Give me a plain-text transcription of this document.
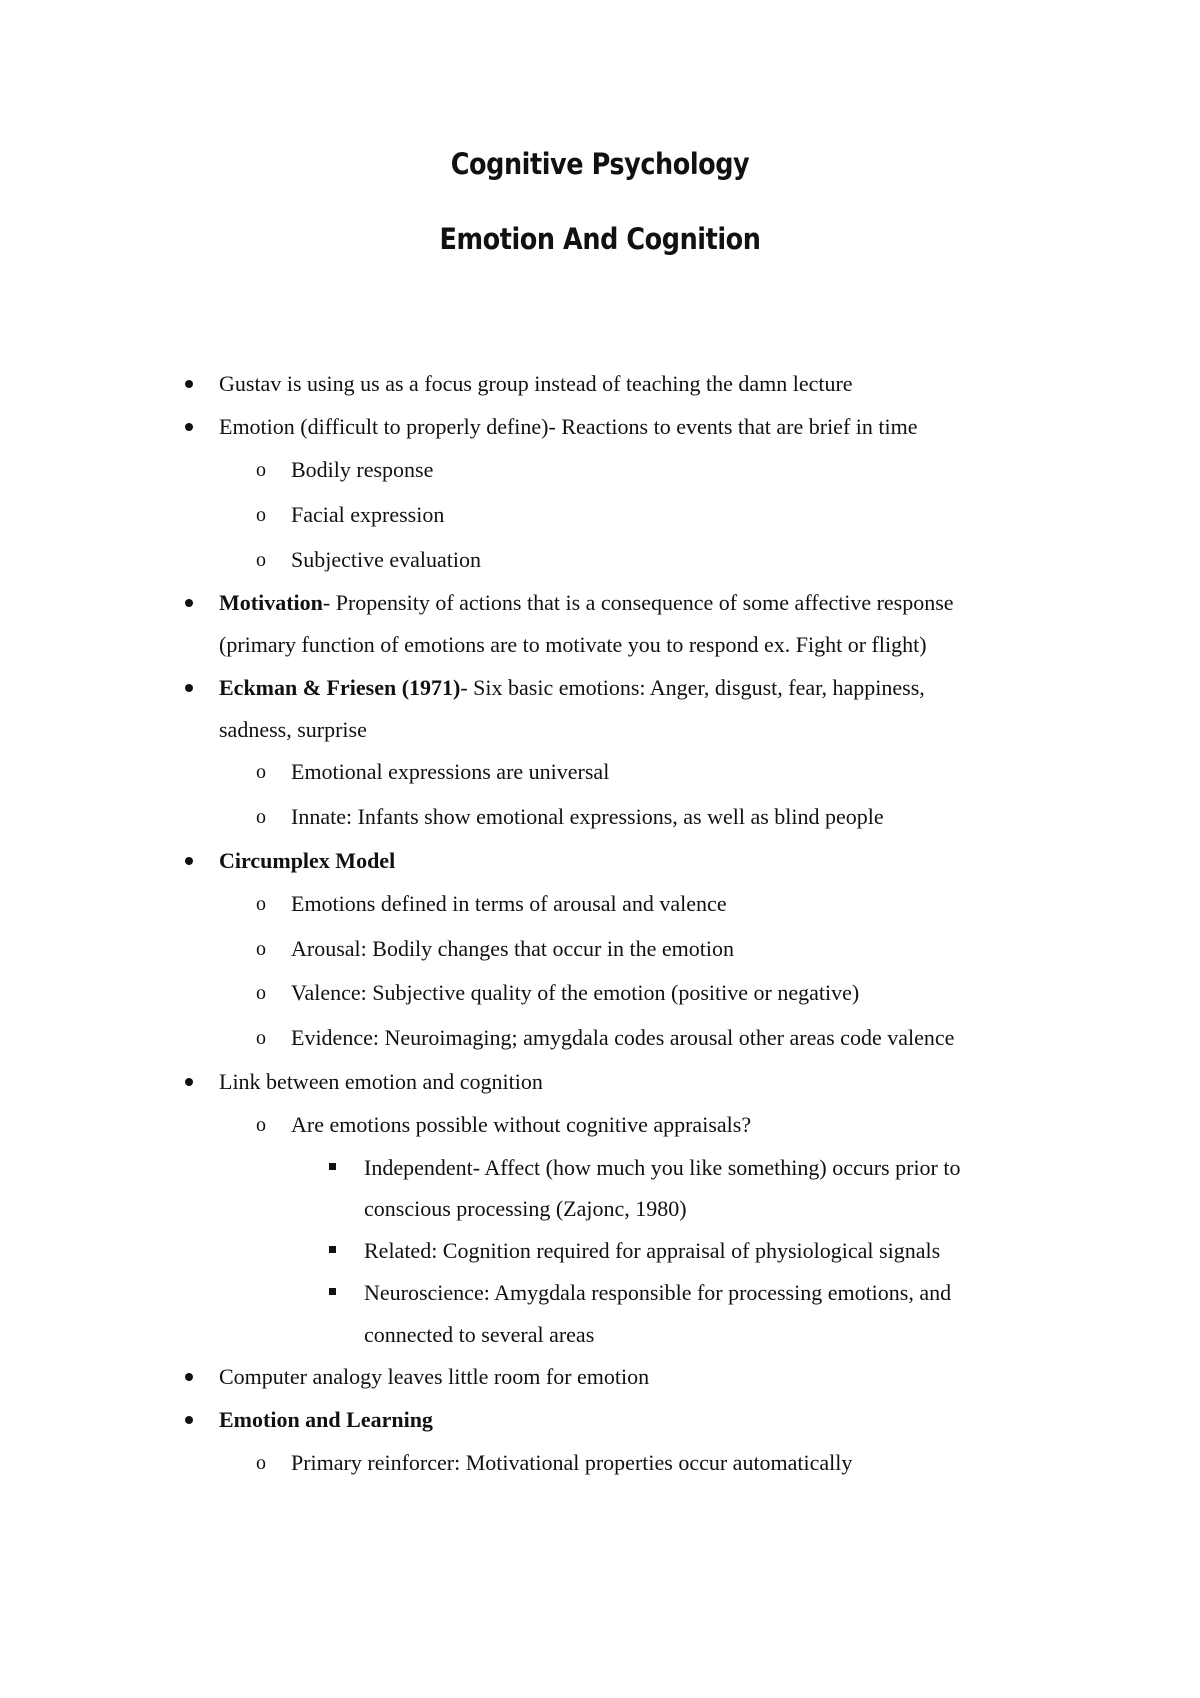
Cognitive Psychology
Emotion And Cognition
Gustav is using us as a focus group instead of teaching the damn lecture
Emotion (difficult to properly define)- Reactions to events that are brief in time
o Bodily response
o Facial expression
o Subjective evaluation
Motivation- Propensity of actions that is a consequence of some affective response
(primary function of emotions are to motivate you to respond ex. Fight or flight)
Eckman & Friesen (1971)- Six basic emotions: Anger, disgust, fear, happiness,
sadness, surprise
o Emotional expressions are universal
o Innate: Infants show emotional expressions, as well as blind people
Circumplex Model
o Emotions defined in terms of arousal and valence
o Arousal: Bodily changes that occur in the emotion
o Valence: Subjective quality of the emotion (positive or negative)
o Evidence: Neuroimaging; amygdala codes arousal other areas code valence
Link between emotion and cognition
o Are emotions possible without cognitive appraisals?
Independent- Affect (how much you like something) occurs prior to
conscious processing (Zajonc, 1980)
Related: Cognition required for appraisal of physiological signals
Neuroscience: Amygdala responsible for processing emotions, and
connected to several areas
Computer analogy leaves little room for emotion
Emotion and Learning
o Primary reinforcer: Motivational properties occur automatically
